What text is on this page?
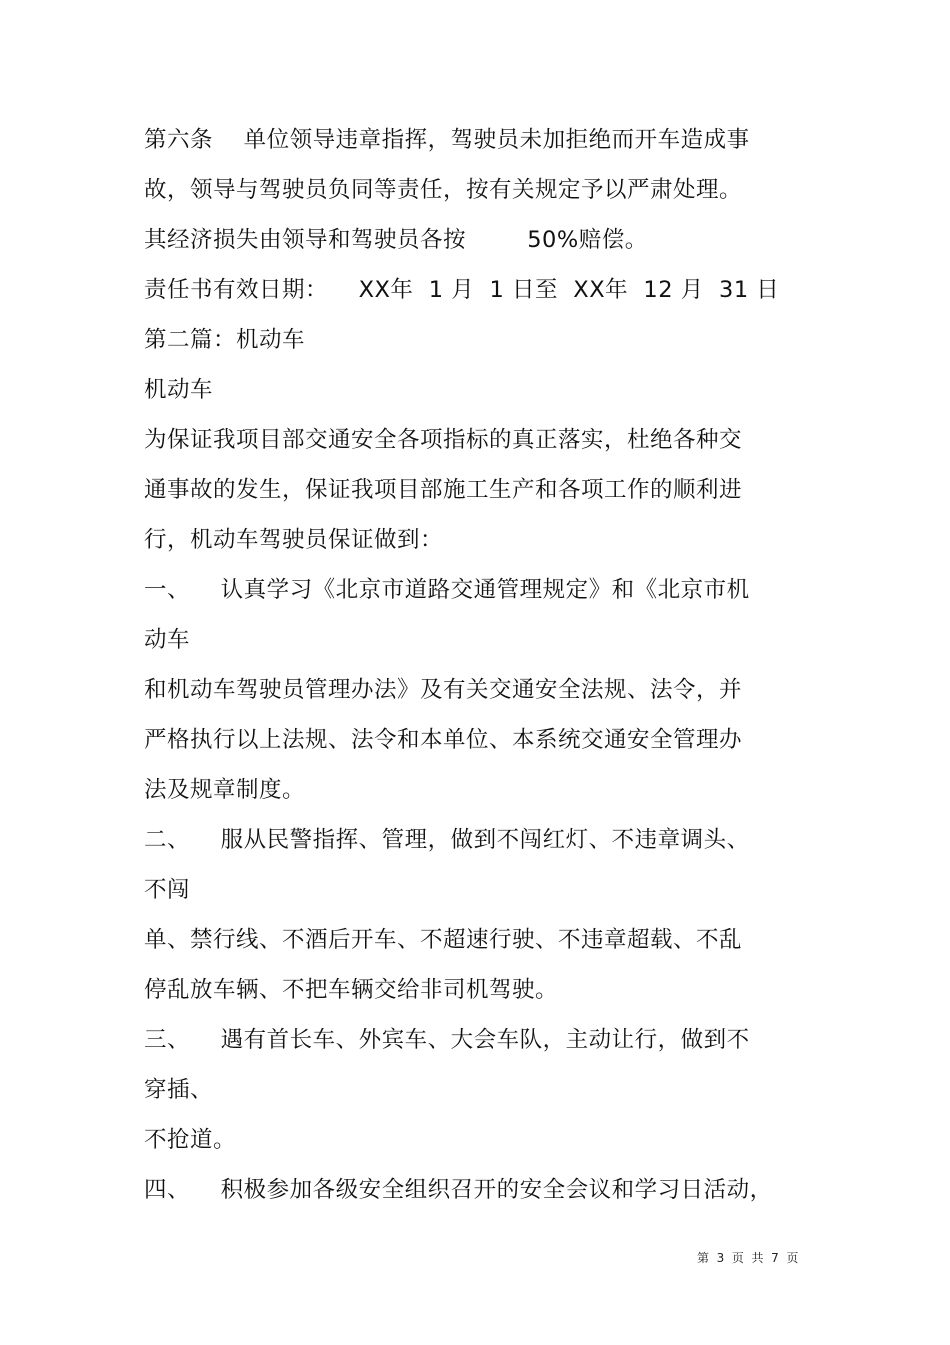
第六条    单位领导违章指挥，驾驶员未加拒绝而开车造成事
故，领导与驾驶员负同等责任，按有关规定予以严肃处理。
其经济损失由领导和驾驶员各按        50%赔偿。
责任书有效日期：    XX年  1 月  1 日至  XX年  12 月  31 日
第二篇：机动车
机动车
为保证我项目部交通安全各项指标的真正落实，杜绝各种交
通事故的发生，保证我项目部施工生产和各项工作的顺利进
行，机动车驾驶员保证做到：
一、    认真学习《北京市道路交通管理规定》和《北京市机
动车
和机动车驾驶员管理办法》及有关交通安全法规、法令，并
严格执行以上法规、法令和本单位、本系统交通安全管理办
法及规章制度。
二、    服从民警指挥、管理，做到不闯红灯、不违章调头、
不闯
单、禁行线、不酒后开车、不超速行驶、不违章超载、不乱
停乱放车辆、不把车辆交给非司机驾驶。
三、    遇有首长车、外宾车、大会车队，主动让行，做到不
穿插、
不抢道。
四、    积极参加各级安全组织召开的安全会议和学习日活动，
第  3  页  共  7  页
